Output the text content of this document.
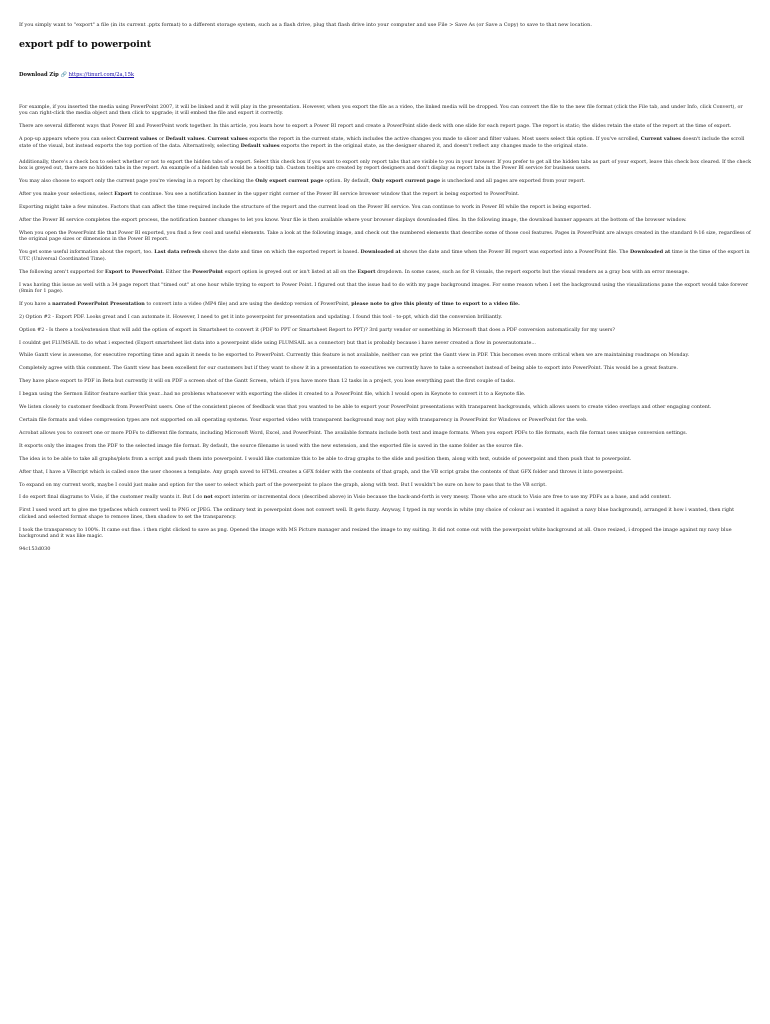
If you simply want to "export" a file (in its current .pptx format) to a different storage system, such as a flash drive, plug that flash drive into your computer and use File > Save As (or Save a Copy) to save to that new location.

export pdf to powerpoint

Download Zip 🔗 https://tinurl.com/2a,15k

For example, if you inserted the media using PowerPoint 2007, it will be linked and it will play in the presentation. However, when you export the file as a video, the linked media will be dropped. You can convert the file to the new file format (click the File tab, and under Info, click Convert), or you can right-click the media object and then click to upgrade; it will embed the file and export it correctly.

There are several different ways that Power BI and PowerPoint work together. In this article, you learn how to export a Power BI report and create a PowerPoint slide deck with one slide for each report page. The report is static; the slides retain the state of the report at the time of export.

A pop-up appears where you can select Current values or Default values. Current values exports the report in the current state, which includes the active changes you made to slicer and filter values. Most users select this option. If you've scrolled, Current values doesn't include the scroll state of the visual, but instead exports the top portion of the data. Alternatively, selecting Default values exports the report in the original state, as the designer shared it, and doesn't reflect any changes made to the original state.

Additionally, there's a check box to select whether or not to export the hidden tabs of a report. Select this check box if you want to export only report tabs that are visible to you in your browser. If you prefer to get all the hidden tabs as part of your export, leave this check box cleared. If the check box is greyed out, there are no hidden tabs in the report. An example of a hidden tab would be a tooltip tab. Custom tooltips are created by report designers and don't display as report tabs in the Power BI service for business users.

You may also choose to export only the current page you're viewing in a report by checking the Only export current page option. By default, Only export current page is unchecked and all pages are exported from your report.

After you make your selections, select Export to continue. You see a notification banner in the upper right corner of the Power BI service browser window that the report is being exported to PowerPoint.

Exporting might take a few minutes. Factors that can affect the time required include the structure of the report and the current load on the Power BI service. You can continue to work in Power BI while the report is being exported.

After the Power BI service completes the export process, the notification banner changes to let you know. Your file is then available where your browser displays downloaded files. In the following image, the download banner appears at the bottom of the browser window.

When you open the PowerPoint file that Power BI exported, you find a few cool and useful elements. Take a look at the following image, and check out the numbered elements that describe some of those cool features. Pages in PowerPoint are always created in the standard 9:16 size, regardless of the original page sizes or dimensions in the Power BI report.

You get some useful information about the report, too. Last data refresh shows the date and time on which the exported report is based. Downloaded at shows the date and time when the Power BI report was exported into a PowerPoint file. The Downloaded at time is the time of the export in UTC (Universal Coordinated Time).

The following aren't supported for Export to PowerPoint. Either the PowerPoint export option is greyed out or isn't listed at all on the Export dropdown. In some cases, such as for R visuals, the report exports but the visual renders as a gray box with an error message.

I was having this issue as well with a 34 page report that "timed out" at one hour while trying to export to Power Point. I figured out that the issue had to do with my page background images. For some reason when I set the background using the visualizations pane the export would take forever (8min for 1 page).

If you have a narrated PowerPoint Presentation to convert into a video (MP4 file) and are using the desktop version of PowerPoint, please note to give this plenty of time to export to a video file.

2) Option #2 - Export PDF. Looks great and I can automate it. However, I need to get it into powerpoint for presentation and updating. I found this tool - to-ppt, which did the conversion brilliantly.

Option #2 - Is there a tool/extension that will add the option of export in Smartsheet to convert it (PDF to PPT or Smartsheet Report to PPT)? 3rd party vendor or something in Microsoft that does a PDF conversion automatically for my users?

I couldnt get FLUMSAIL to do what i expected (Export smartsheet list data into a powerpoint slide using FLUMSAIL as a connector) but that is probably because i have never created a flow in powerautomate...

While Gantt view is awesome, for executive reporting time and again it needs to be exported to PowerPoint. Currently this feature is not available, neither can we print the Gantt view in PDF. This becomes even more critical when we are maintaining roadmaps on Monday.

Completely agree with this comment. The Gantt view has been excellent for our customers but if they want to show it in a presentation to executives we currently have to take a screenshot instead of being able to export into PowerPoint. This would be a great feature.

They have place export to PDF in Beta but currently it will on PDF a screen shot of the Gantt Screen, which if you have more than 12 tasks in a project, you lose everything past the first couple of tasks.

I began using the Sermon Editor feature earlier this year...had no problems whatsoever with exporting the slides it created to a PowerPoint file, which I would open in Keynote to convert it to a Keynote file.

We listen closely to customer feedback from PowerPoint users. One of the consistent pieces of feedback was that you wanted to be able to export your PowerPoint presentations with transparent backgrounds, which allows users to create video overlays and other engaging content.

Certain file formats and video compression types are not supported on all operating systems. Your exported video with transparent background may not play with transparency in PowerPoint for Windows or PowerPoint for the web.

Acrobat allows you to convert one or more PDFs to different file formats, including Microsoft Word, Excel, and PowerPoint. The available formats include both text and image formats. When you export PDFs to file formats, each file format uses unique conversion settings.

It exports only the images from the PDF to the selected image file format. By default, the source filename is used with the new extension, and the exported file is saved in the same folder as the source file.

The idea is to be able to take all graphs/plots from a script and push them into powerpoint. I would like customize this to be able to drag graphs to the slide and position them, along with text, outside of powerpoint and then push that to powerpoint.

After that, I have a VBscript which is called once the user chooses a template. Any graph saved to HTML creates a GFX folder with the contents of that graph, and the VB script grabs the contents of that GFX folder and throws it into powerpoint.

To expand on my current work, maybe I could just make and option for the user to select which part of the powerpoint to place the graph, along with text. But I wouldn't be sure on how to pass that to the VB script.

I do export final diagrams to Visio, if the customer really wants it. But I do not export interim or incremental docs (described above) in Visio because the back-and-forth is very messy. Those who are stuck to Visio are free to use my PDFs as a base, and add content.

First I used word art to give me typefaces which convert well to PNG or JPEG. The ordinary text in powerpoint does not convert well. It gets fuzzy. Anyway, I typed in my words in white (my choice of colour as i wanted it against a navy blue background), arranged it how i wanted, then right clicked and selected format shape to remove lines, then shadow to set the transparency.

I took the transparency to 100%. It came out fine. i then right clicked to save as png. Opened the image with MS Picture manager and resized the image to my suiting. It did not come out with the powerpoint white background at all. Once resized, i dropped the image against my navy blue background and it was like magic.

94c153d030
